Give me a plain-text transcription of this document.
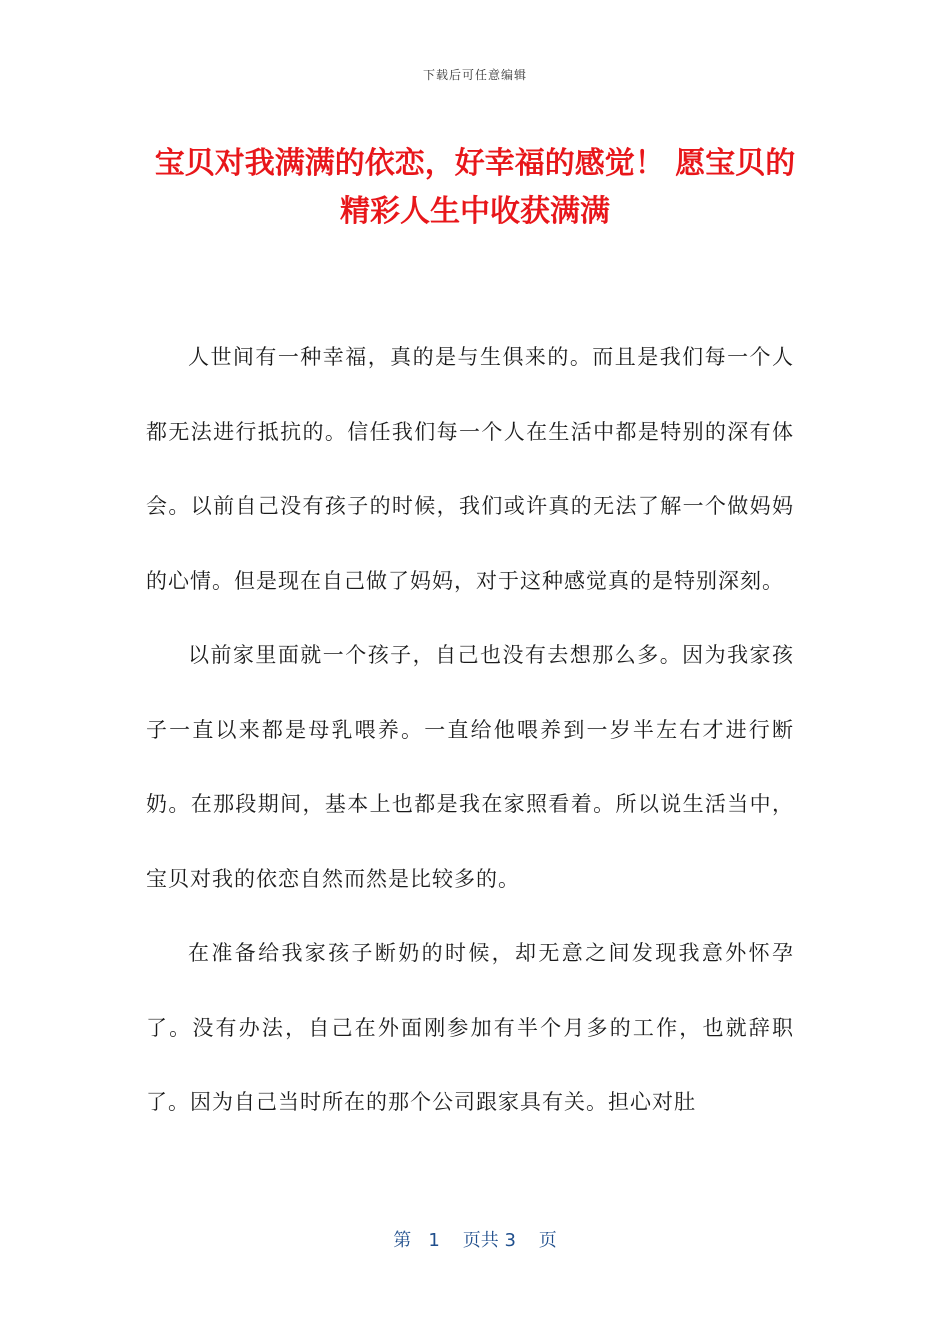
下载后可任意编辑
宝贝对我满满的依恋，好幸福的感觉！ 愿宝贝的精彩人生中收获满满

人世间有一种幸福，真的是与生俱来的。而且是我们每一个人都无法进行抵抗的。信任我们每一个人在生活中都是特别的深有体会。以前自己没有孩子的时候，我们或许真的无法了解一个做妈妈的心情。但是现在自己做了妈妈，对于这种感觉真的是特别深刻。

以前家里面就一个孩子，自己也没有去想那么多。因为我家孩子一直以来都是母乳喂养。一直给他喂养到一岁半左右才进行断奶。在那段期间，基本上也都是我在家照看着。所以说生活当中，宝贝对我的依恋自然而然是比较多的。

在准备给我家孩子断奶的时候，却无意之间发现我意外怀孕了。没有办法，自己在外面刚参加有半个月多的工作，也就辞职了。因为自己当时所在的那个公司跟家具有关。担心对肚

第 1 页共 3 页
